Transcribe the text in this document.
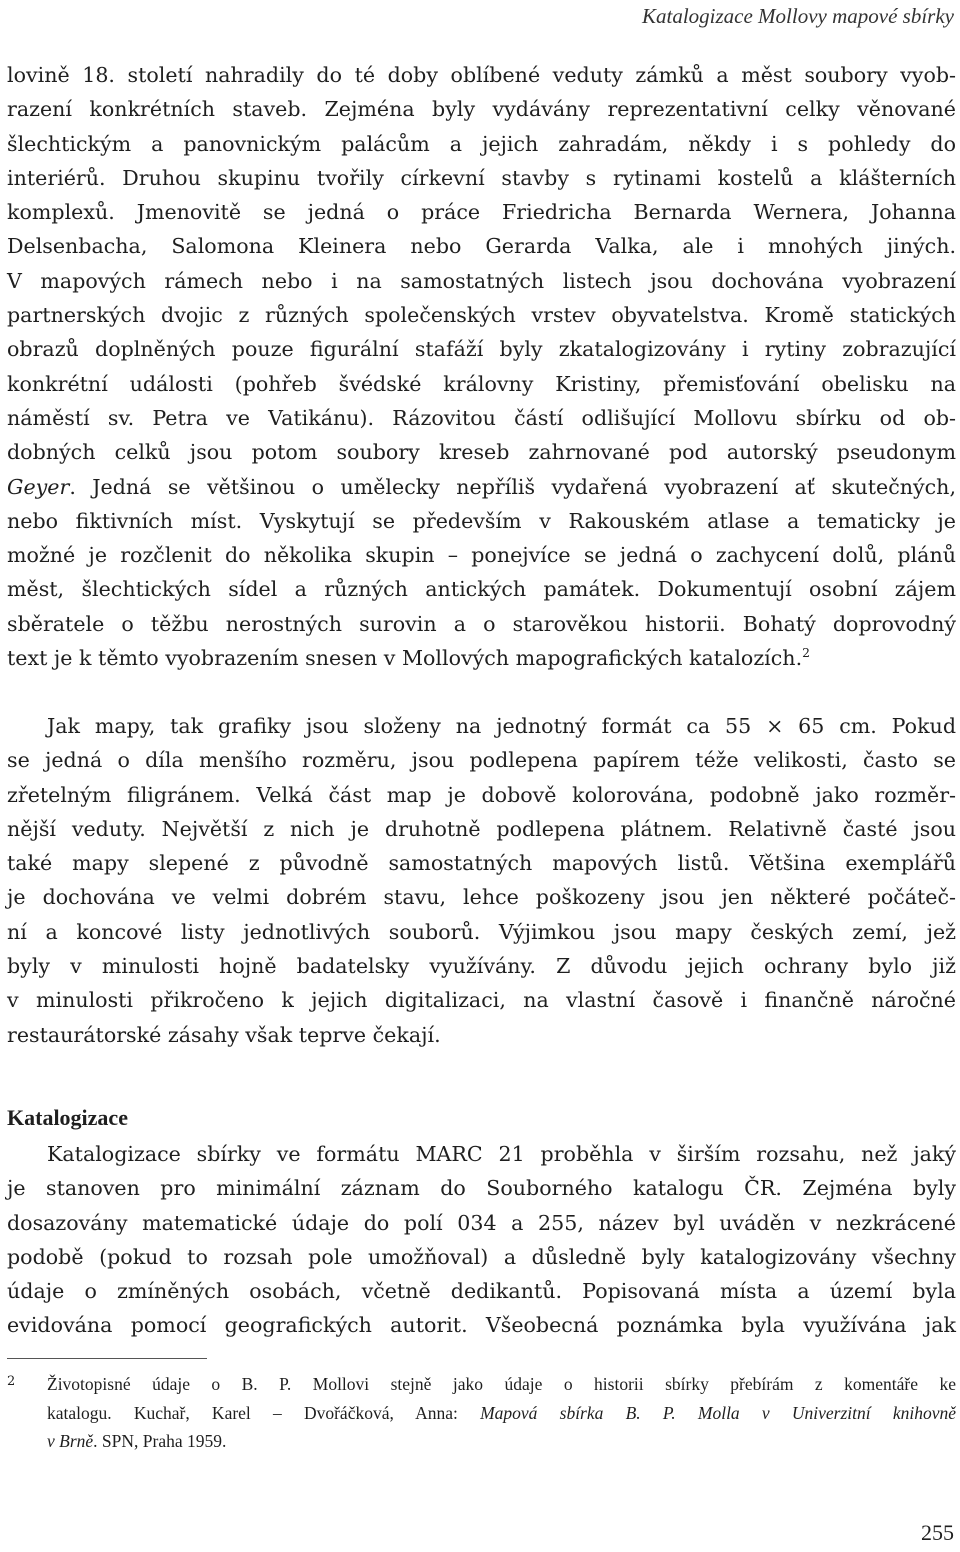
Katalogizace Mollovy mapové sbírky
lovině 18. století nahradily do té doby oblíbené veduty zámků a měst soubory vyob-
razení konkrétních staveb. Zejména byly vydávány reprezentativní celky věnované
šlechtickým a panovnickým palácům a jejich zahradám, někdy i s pohledy do
interiérů. Druhou skupinu tvořily církevní stavby s rytinami kostelů a klášterních
komplexů. Jmenovitě se jedná o práce Friedricha Bernarda Wernera, Johanna
Delsenbacha, Salomona Kleinera nebo Gerarda Valka, ale i mnohých jiných.
V mapových rámech nebo i na samostatných listech jsou dochována vyobrazení
partnerských dvojic z různých společenských vrstev obyvatelstva. Kromě statických
obrazů doplněných pouze figurální stafáží byly zkatalogizovány i rytiny zobrazující
konkrétní události (pohřeb švédské královny Kristiny, přemisťování obelisku na
náměstí sv. Petra ve Vatikánu). Rázovitou částí odlišující Mollovu sbírku od ob-
dobných celků jsou potom soubory kreseb zahrnované pod autorský pseudonym
Geyer. Jedná se většinou o umělecky nepříliš vydařená vyobrazení ať skutečných,
nebo fiktivních míst. Vyskytují se především v Rakouském atlase a tematicky je
možné je rozčlenit do několika skupin – ponejvíce se jedná o zachycení dolů, plánů
měst, šlechtických sídel a různých antických památek. Dokumentují osobní zájem
sběratele o těžbu nerostných surovin a o starověkou historii. Bohatý doprovodný
text je k těmto vyobrazením snesen v Mollových mapografických katalozích.$^2$
Jak mapy, tak grafiky jsou složeny na jednotný formát ca 55 × 65 cm. Pokud
se jedná o díla menšího rozměru, jsou podlepena papírem téže velikosti, často se
zřetelným filigránem. Velká část map je dobově kolorována, podobně jako rozměr-
nější veduty. Největší z nich je druhotně podlepena plátnem. Relativně časté jsou
také mapy slepené z původně samostatných mapových listů. Většina exemplářů
je dochována ve velmi dobrém stavu, lehce poškozeny jsou jen některé počáteč-
ní a koncové listy jednotlivých souborů. Výjimkou jsou mapy českých zemí, jež
byly v minulosti hojně badatelsky využívány. Z důvodu jejich ochrany bylo již
v minulosti přikročeno k jejich digitalizaci, na vlastní časově i finančně náročné
restaurátorské zásahy však teprve čekají.
Katalogizace
Katalogizace sbírky ve formátu MARC 21 proběhla v širším rozsahu, než jaký
je stanoven pro minimální záznam do Souborného katalogu ČR. Zejména byly
dosazovány matematické údaje do polí 034 a 255, název byl uváděn v nezkrácené
podobě (pokud to rozsah pole umožňoval) a důsledně byly katalogizovány všechny
údaje o zmíněných osobách, včetně dedikantů. Popisovaná místa a území byla
evidována pomocí geografických autorit. Všeobecná poznámka byla využívána jak
2 Životopisné údaje o B. P. Mollovi stejně jako údaje o historii sbírky přebírám z komentáře ke
katalogu. Kuchař, Karel – Dvořáčková, Anna: Mapová sbírka B. P. Molla v Univerzitní knihovně
v Brně. SPN, Praha 1959.
255
